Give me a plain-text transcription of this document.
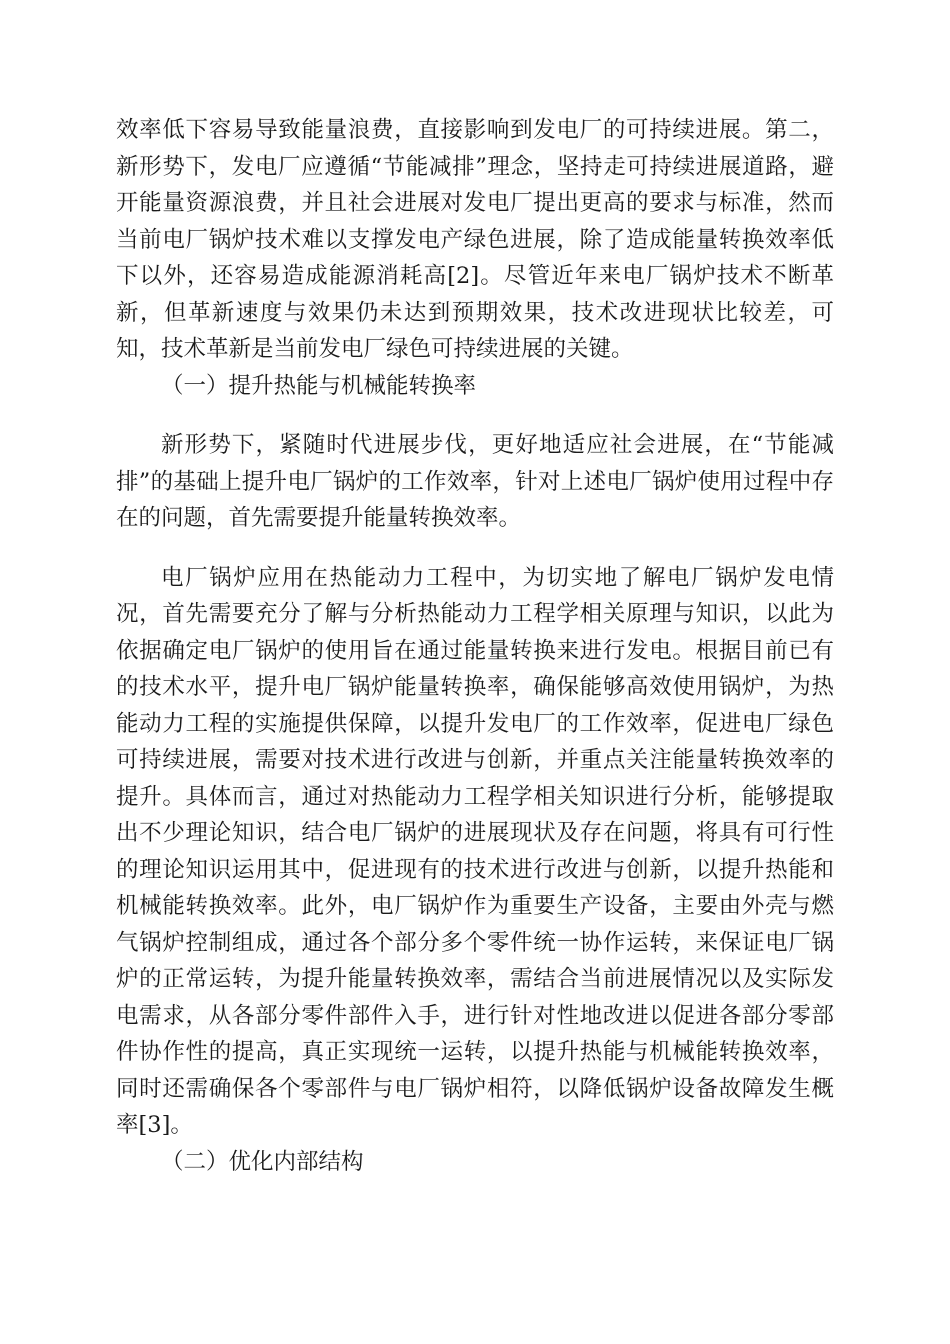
效率低下容易导致能量浪费，直接影响到发电厂的可持续进展。第二，新形势下，发电厂应遵循“节能减排”理念，坚持走可持续进展道路，避开能量资源浪费，并且社会进展对发电厂提出更高的要求与标准，然而当前电厂锅炉技术难以支撑发电产绿色进展，除了造成能量转换效率低下以外，还容易造成能源消耗高[2]。尽管近年来电厂锅炉技术不断革新，但革新速度与效果仍未达到预期效果，技术改进现状比较差，可知，技术革新是当前发电厂绿色可持续进展的关键。

（一）提升热能与机械能转换率

新形势下，紧随时代进展步伐，更好地适应社会进展，在“节能减排”的基础上提升电厂锅炉的工作效率，针对上述电厂锅炉使用过程中存在的问题，首先需要提升能量转换效率。

电厂锅炉应用在热能动力工程中，为切实地了解电厂锅炉发电情况，首先需要充分了解与分析热能动力工程学相关原理与知识，以此为依据确定电厂锅炉的使用旨在通过能量转换来进行发电。根据目前已有的技术水平，提升电厂锅炉能量转换率，确保能够高效使用锅炉，为热能动力工程的实施提供保障，以提升发电厂的工作效率，促进电厂绿色可持续进展，需要对技术进行改进与创新，并重点关注能量转换效率的提升。具体而言，通过对热能动力工程学相关知识进行分析，能够提取出不少理论知识，结合电厂锅炉的进展现状及存在问题，将具有可行性的理论知识运用其中，促进现有的技术进行改进与创新，以提升热能和机械能转换效率。此外，电厂锅炉作为重要生产设备，主要由外壳与燃气锅炉控制组成，通过各个部分多个零件统一协作运转，来保证电厂锅炉的正常运转，为提升能量转换效率，需结合当前进展情况以及实际发电需求，从各部分零件部件入手，进行针对性地改进以促进各部分零部件协作性的提高，真正实现统一运转，以提升热能与机械能转换效率，同时还需确保各个零部件与电厂锅炉相符，以降低锅炉设备故障发生概率[3]。

（二）优化内部结构
